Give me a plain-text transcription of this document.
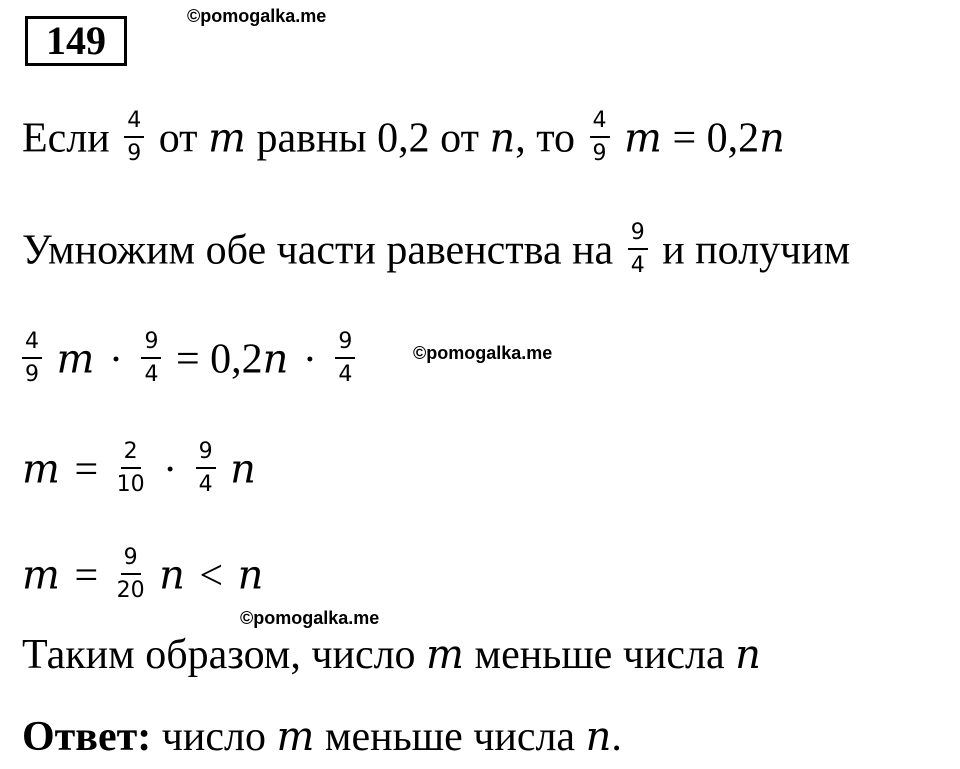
149
©pomogalka.me
Если $\frac{4}{9}$ от m равны 0,2 от n, то $\frac{4}{9}$ m = 0,2n
Умножим обе части равенства на $\frac{9}{4}$ и получим
$\frac{4}{9}$ $m \cdot \frac{9}{4} = 0,2n \cdot \frac{9}{4}$	©pomogalka.me
$m = \frac{2}{10} \cdot \frac{9}{4}$ n
$m = \frac{9}{20}$ n < n
©pomogalka.me
Таким образом, число m меньше числа n
Ответ: число m меньше числа n.
